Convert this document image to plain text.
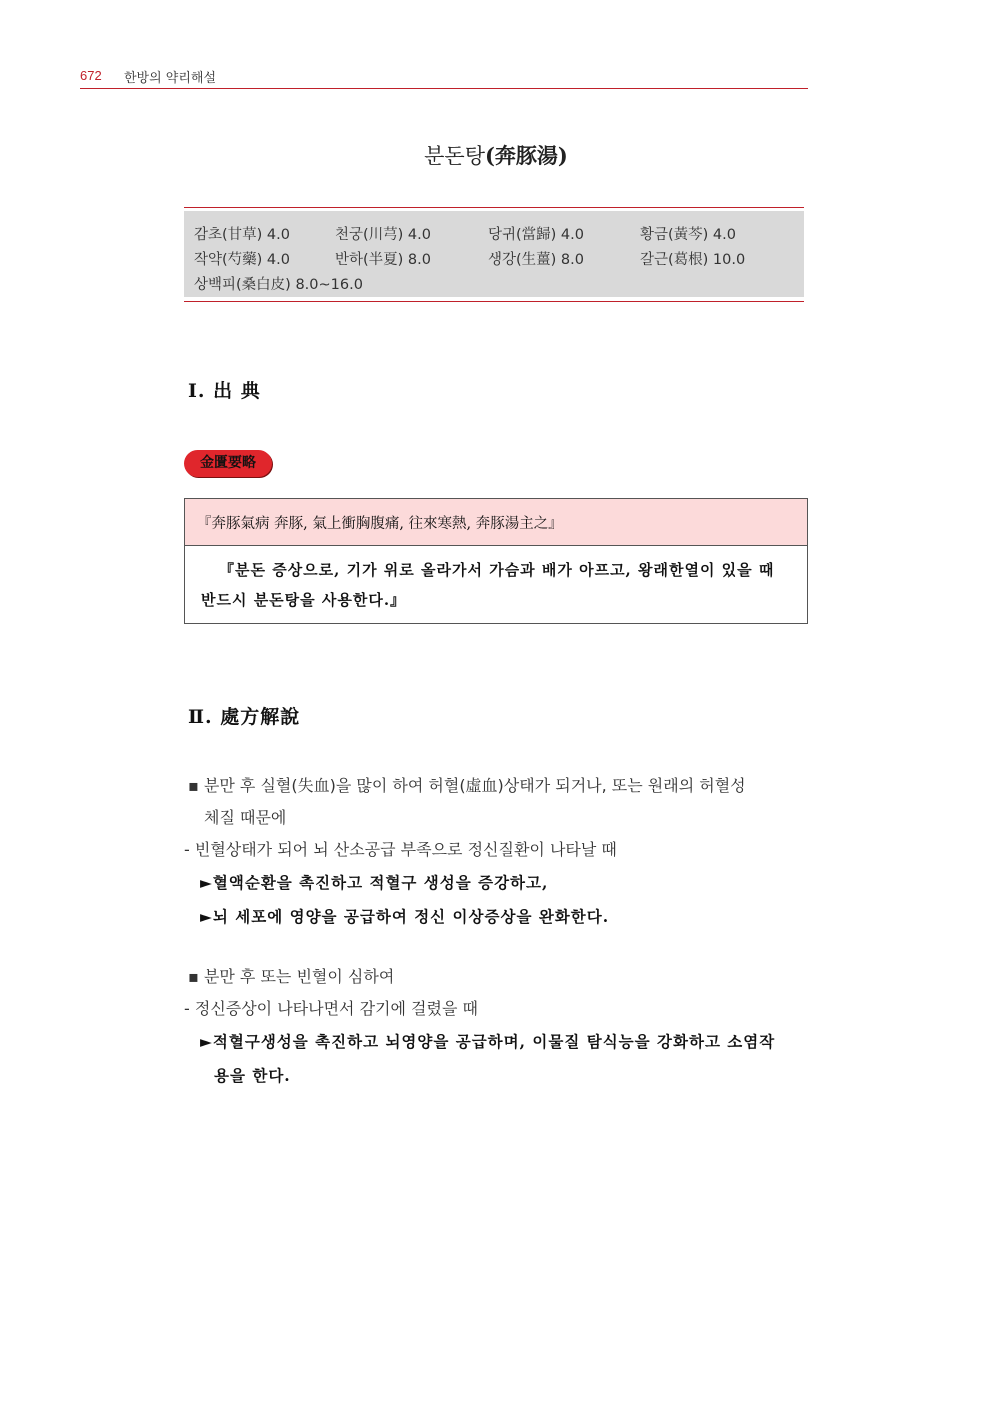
672 한방의 약리해설
분돈탕(奔豚湯)
감초(甘草) 4.0	천궁(川芎) 4.0	당귀(當歸) 4.0	황금(黃芩) 4.0
작약(芍藥) 4.0	반하(半夏) 8.0	생강(生薑) 8.0	갈근(葛根) 10.0
상백피(桑白皮) 8.0~16.0
Ⅰ. 出 典
金匱要略
『奔豚氣病 奔豚, 氣上衝胸腹痛, 往來寒熱, 奔豚湯主之』
『분돈 증상으로, 기가 위로 올라가서 가슴과 배가 아프고, 왕래한열이 있을 때 반드시 분돈탕을 사용한다.』
Ⅱ. 處方解說
▪ 분만 후 실혈(失血)을 많이 하여 허혈(虛血)상태가 되거나, 또는 원래의 허혈성
체질 때문에
- 빈혈상태가 되어 뇌 산소공급 부족으로 정신질환이 나타날 때
►혈액순환을 촉진하고 적혈구 생성을 증강하고,
►뇌 세포에 영양을 공급하여 정신 이상증상을 완화한다.
▪ 분만 후 또는 빈혈이 심하여
- 정신증상이 나타나면서 감기에 걸렸을 때
►적혈구생성을 촉진하고 뇌영양을 공급하며, 이물질 탐식능을 강화하고 소염작
용을 한다.
